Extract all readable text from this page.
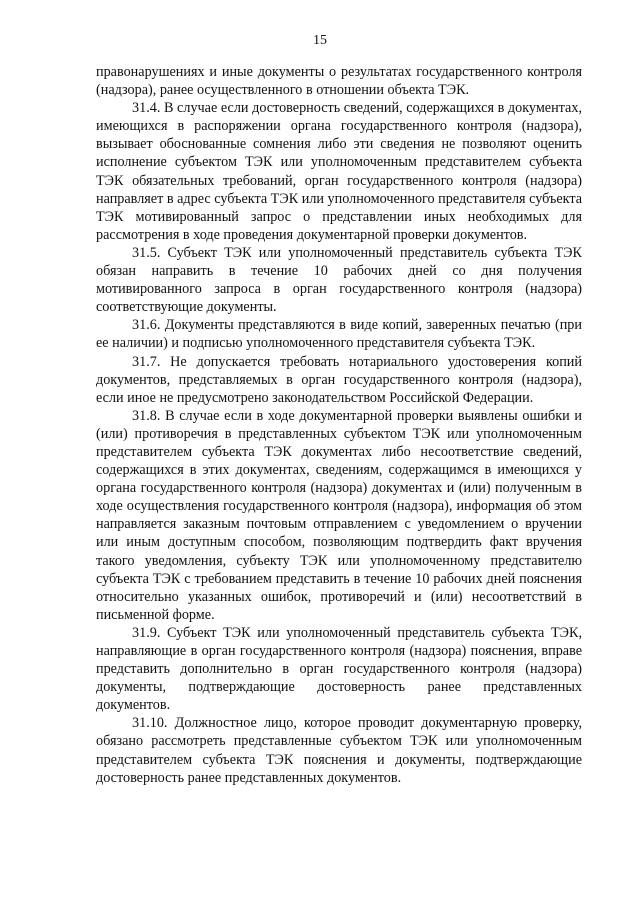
15

правонарушениях и иные документы о результатах государственного контроля (надзора), ранее осуществленного в отношении объекта ТЭК.

31.4. В случае если достоверность сведений, содержащихся в документах, имеющихся в распоряжении органа государственного контроля (надзора), вызывает обоснованные сомнения либо эти сведения не позволяют оценить исполнение субъектом ТЭК или уполномоченным представителем субъекта ТЭК обязательных требований, орган государственного контроля (надзора) направляет в адрес субъекта ТЭК или уполномоченного представителя субъекта ТЭК мотивированный запрос о представлении иных необходимых для рассмотрения в ходе проведения документарной проверки документов.

31.5. Субъект ТЭК или уполномоченный представитель субъекта ТЭК обязан направить в течение 10 рабочих дней со дня получения мотивированного запроса в орган государственного контроля (надзора) соответствующие документы.

31.6. Документы представляются в виде копий, заверенных печатью (при ее наличии) и подписью уполномоченного представителя субъекта ТЭК.

31.7. Не допускается требовать нотариального удостоверения копий документов, представляемых в орган государственного контроля (надзора), если иное не предусмотрено законодательством Российской Федерации.

31.8. В случае если в ходе документарной проверки выявлены ошибки и (или) противоречия в представленных субъектом ТЭК или уполномоченным представителем субъекта ТЭК документах либо несоответствие сведений, содержащихся в этих документах, сведениям, содержащимся в имеющихся у органа государственного контроля (надзора) документах и (или) полученным в ходе осуществления государственного контроля (надзора), информация об этом направляется заказным почтовым отправлением с уведомлением о вручении или иным доступным способом, позволяющим подтвердить факт вручения такого уведомления, субъекту ТЭК или уполномоченному представителю субъекта ТЭК с требованием представить в течение 10 рабочих дней пояснения относительно указанных ошибок, противоречий и (или) несоответствий в письменной форме.

31.9. Субъект ТЭК или уполномоченный представитель субъекта ТЭК, направляющие в орган государственного контроля (надзора) пояснения, вправе представить дополнительно в орган государственного контроля (надзора) документы, подтверждающие достоверность ранее представленных документов.

31.10. Должностное лицо, которое проводит документарную проверку, обязано рассмотреть представленные субъектом ТЭК или уполномоченным представителем субъекта ТЭК пояснения и документы, подтверждающие достоверность ранее представленных документов.
